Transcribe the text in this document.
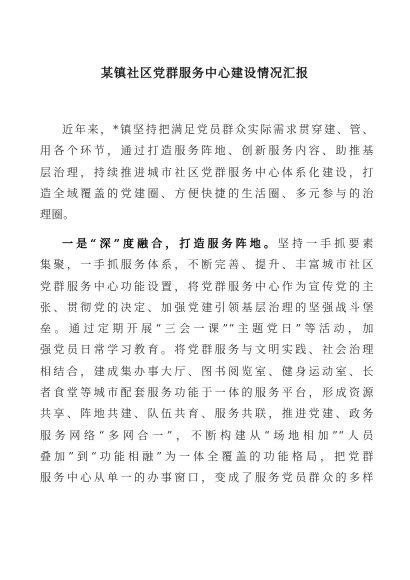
某镇社区党群服务中心建设情况汇报
近年来，*镇坚持把满足党员群众实际需求贯穿建、管、
用各个环节，通过打造服务阵地、创新服务内容、助推基
层治理，持续推进城市社区党群服务中心体系化建设，打
造全域覆盖的党建圈、方便快捷的生活圈、多元参与的治
理圈。
一是“深”度融合，打造服务阵地。坚持一手抓要素
集聚，一手抓服务体系，不断完善、提升、丰富城市社区
党群服务中心功能设置，将党群服务中心作为宣传党的主
张、贯彻党的决定、加强党建引领基层治理的坚强战斗堡
垒。通过定期开展“三会一课”“主题党日”等活动，加
强党员日常学习教育。将党群服务与文明实践、社会治理
相结合，建成集办事大厅、图书阅览室、健身运动室、长
者食堂等城市配套服务功能于一体的服务平台，形成资源
共享、阵地共建、队伍共育、服务共联，推进党建、政务
服务网络“多网合一”，不断构建从“场地相加”“人员
叠加”到“功能相融”为一体全覆盖的功能格局，把党群
服务中心从单一的办事窗口，变成了服务党员群众的多样
